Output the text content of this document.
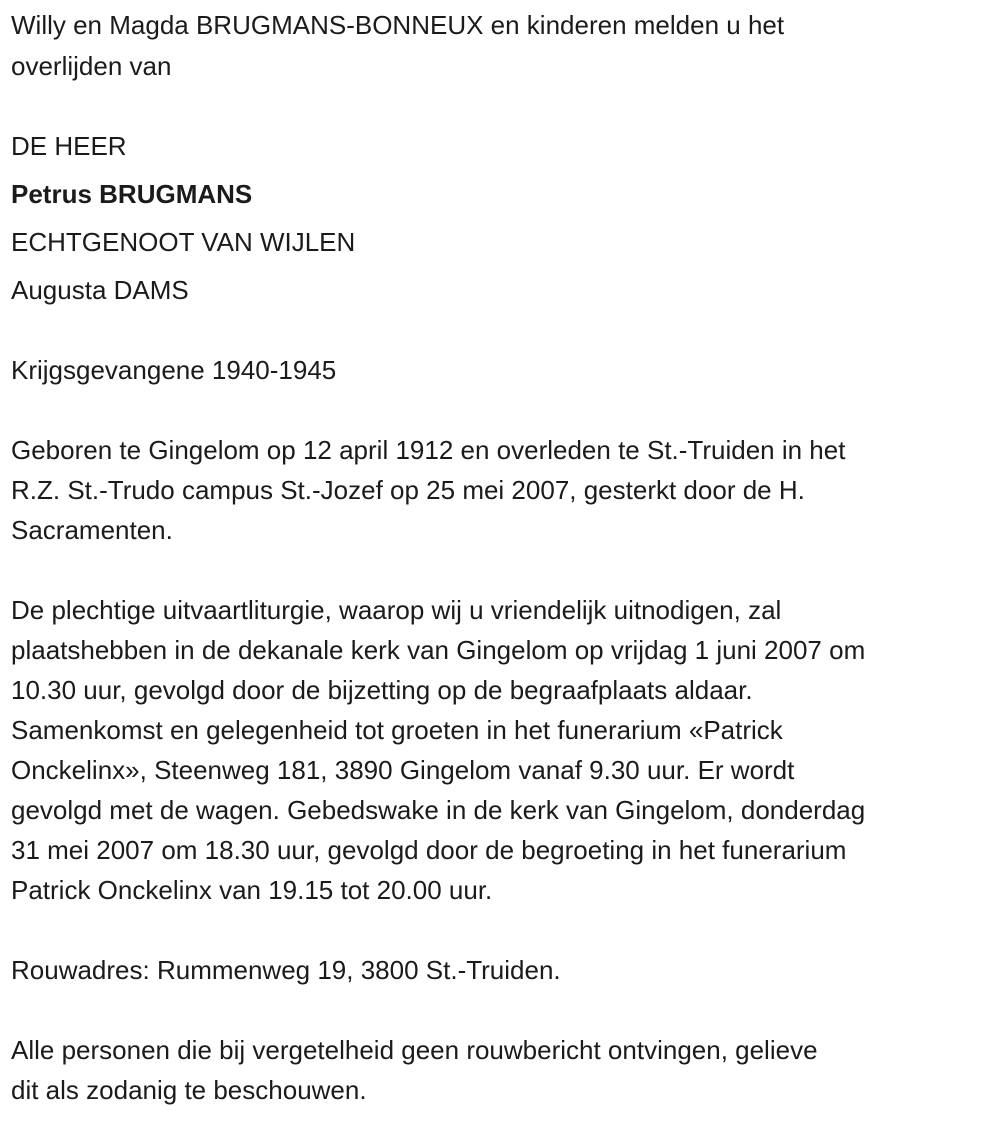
Willy en Magda BRUGMANS-BONNEUX en kinderen melden u het
overlijden van
DE HEER
Petrus BRUGMANS
ECHTGENOOT VAN WIJLEN
Augusta DAMS
Krijgsgevangene 1940-1945
Geboren te Gingelom op 12 april 1912 en overleden te St.-Truiden in het
R.Z. St.-Trudo campus St.-Jozef op 25 mei 2007, gesterkt door de H.
Sacramenten.
De plechtige uitvaartliturgie, waarop wij u vriendelijk uitnodigen, zal
plaatshebben in de dekanale kerk van Gingelom op vrijdag 1 juni 2007 om
10.30 uur, gevolgd door de bijzetting op de begraafplaats aldaar.
Samenkomst en gelegenheid tot groeten in het funerarium «Patrick
Onckelinx», Steenweg 181, 3890 Gingelom vanaf 9.30 uur. Er wordt
gevolgd met de wagen. Gebedswake in de kerk van Gingelom, donderdag
31 mei 2007 om 18.30 uur, gevolgd door de begroeting in het funerarium
Patrick Onckelinx van 19.15 tot 20.00 uur.
Rouwadres: Rummenweg 19, 3800 St.-Truiden.
Alle personen die bij vergetelheid geen rouwbericht ontvingen, gelieve
dit als zodanig te beschouwen.
